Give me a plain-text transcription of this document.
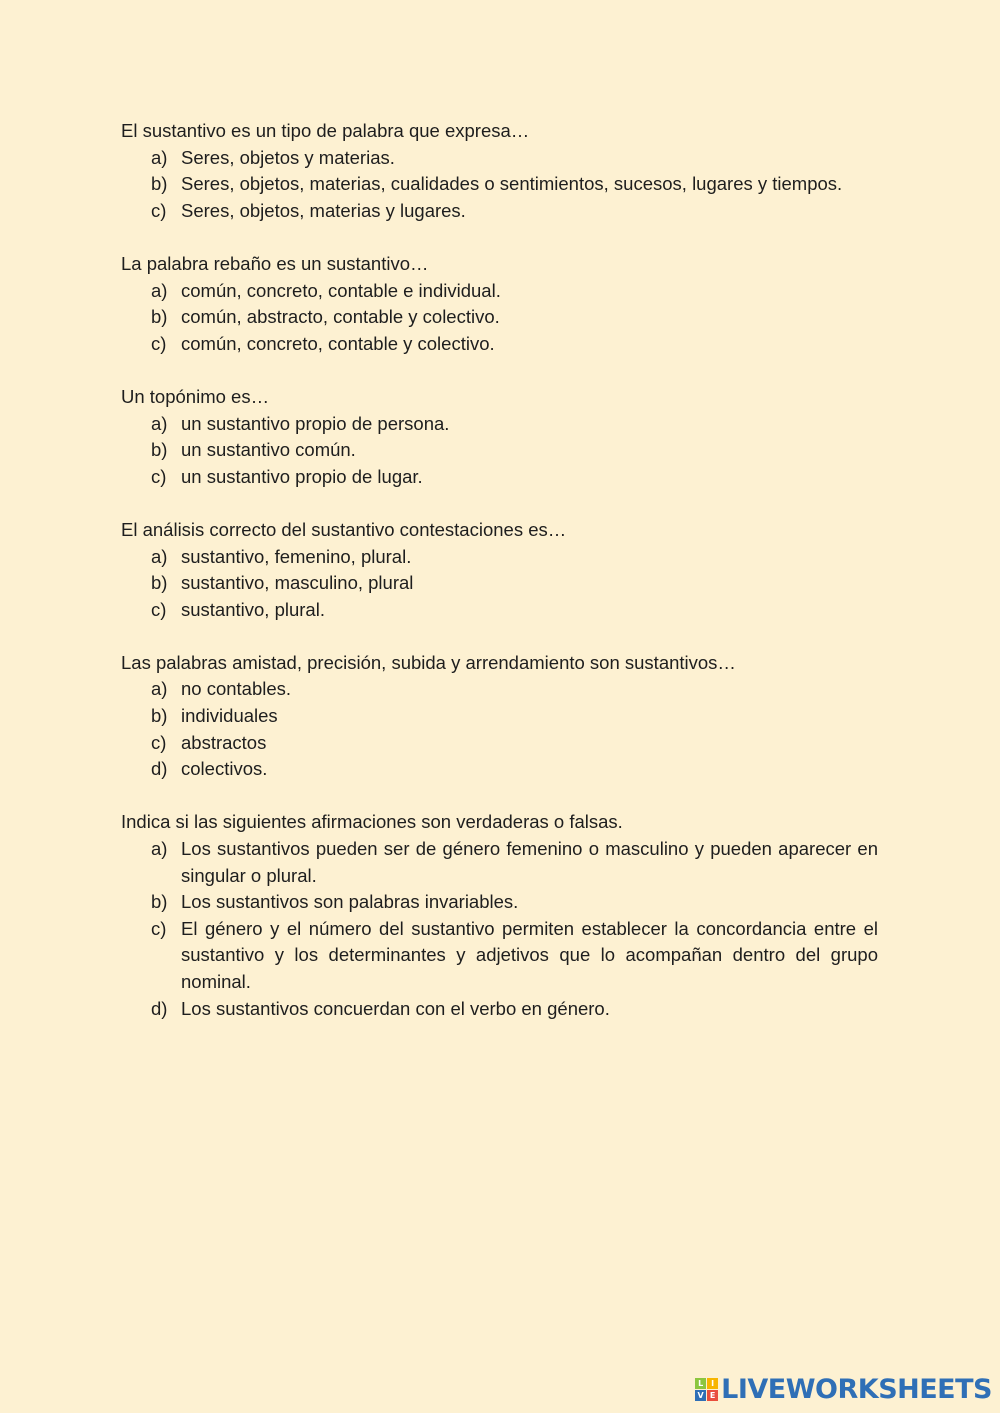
El sustantivo es un tipo de palabra que expresa…
a) Seres, objetos y materias.
b) Seres, objetos, materias, cualidades o sentimientos, sucesos, lugares y tiempos.
c) Seres, objetos, materias y lugares.
La palabra rebaño es un sustantivo…
a) común, concreto, contable e individual.
b) común, abstracto, contable y colectivo.
c) común, concreto, contable y colectivo.
Un topónimo es…
a) un sustantivo propio de persona.
b) un sustantivo común.
c) un sustantivo propio de lugar.
El análisis correcto del sustantivo contestaciones es…
a) sustantivo, femenino, plural.
b) sustantivo, masculino, plural
c) sustantivo, plural.
Las palabras amistad, precisión, subida y arrendamiento son sustantivos…
a) no contables.
b) individuales
c) abstractos
d) colectivos.
Indica si las siguientes afirmaciones son verdaderas o falsas.
a) Los sustantivos pueden ser de género femenino o masculino y pueden aparecer en singular o plural.
b) Los sustantivos son palabras invariables.
c) El género y el número del sustantivo permiten establecer la concordancia entre el sustantivo y los determinantes y adjetivos que lo acompañan dentro del grupo nominal.
d) Los sustantivos concuerdan con el verbo en género.
L I
V E LIVEWORKSHEETS
